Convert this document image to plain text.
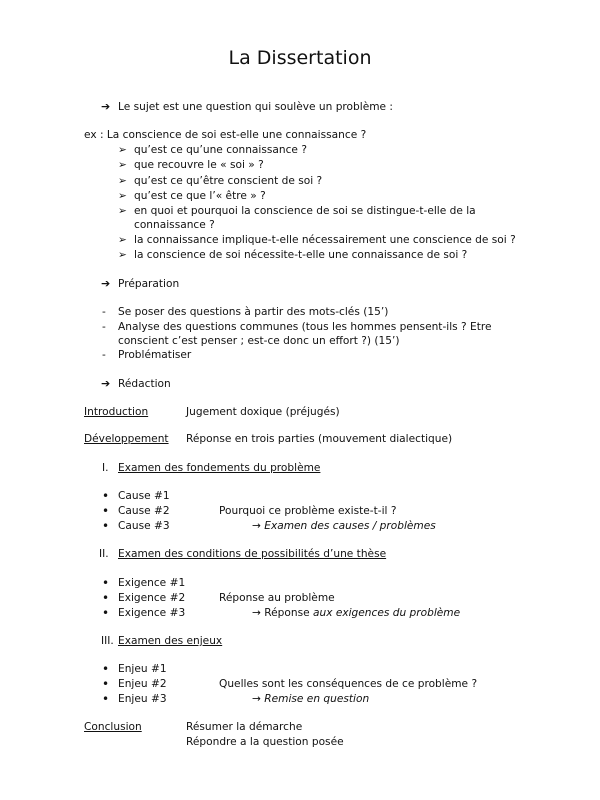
La Dissertation
➔ Le sujet est une question qui soulève un problème :
ex : La conscience de soi est-elle une connaissance ?
➢ qu’est ce qu’une connaissance ?
➢ que recouvre le « soi » ?
➢ qu’est ce qu’être conscient de soi ?
➢ qu’est ce que l’« être » ?
➢ en quoi et pourquoi la conscience de soi se distingue-t-elle de la
connaissance ?
➢ la connaissance implique-t-elle nécessairement une conscience de soi ?
➢ la conscience de soi nécessite-t-elle une connaissance de soi ?
➔ Préparation
- Se poser des questions à partir des mots-clés (15’)
- Analyse des questions communes (tous les hommes pensent-ils ? Etre
conscient c’est penser ; est-ce donc un effort ?) (15’)
- Problématiser
➔ Rédaction
Introduction	Jugement doxique (préjugés)
Développement Réponse en trois parties (mouvement dialectique)
I. Examen des fondements du problème
• Cause #1
• Cause #2	Pourquoi ce problème existe-t-il ?
• Cause #3	→ Examen des causes / problèmes
II. Examen des conditions de possibilités d’une thèse
• Exigence #1
• Exigence #2	Réponse au problème
• Exigence #3	→ Réponse aux exigences du problème
III. Examen des enjeux
• Enjeu #1
• Enjeu #2	Quelles sont les conséquences de ce problème ?
• Enjeu #3	→ Remise en question
Conclusion	Résumer la démarche
Répondre a la question posée
